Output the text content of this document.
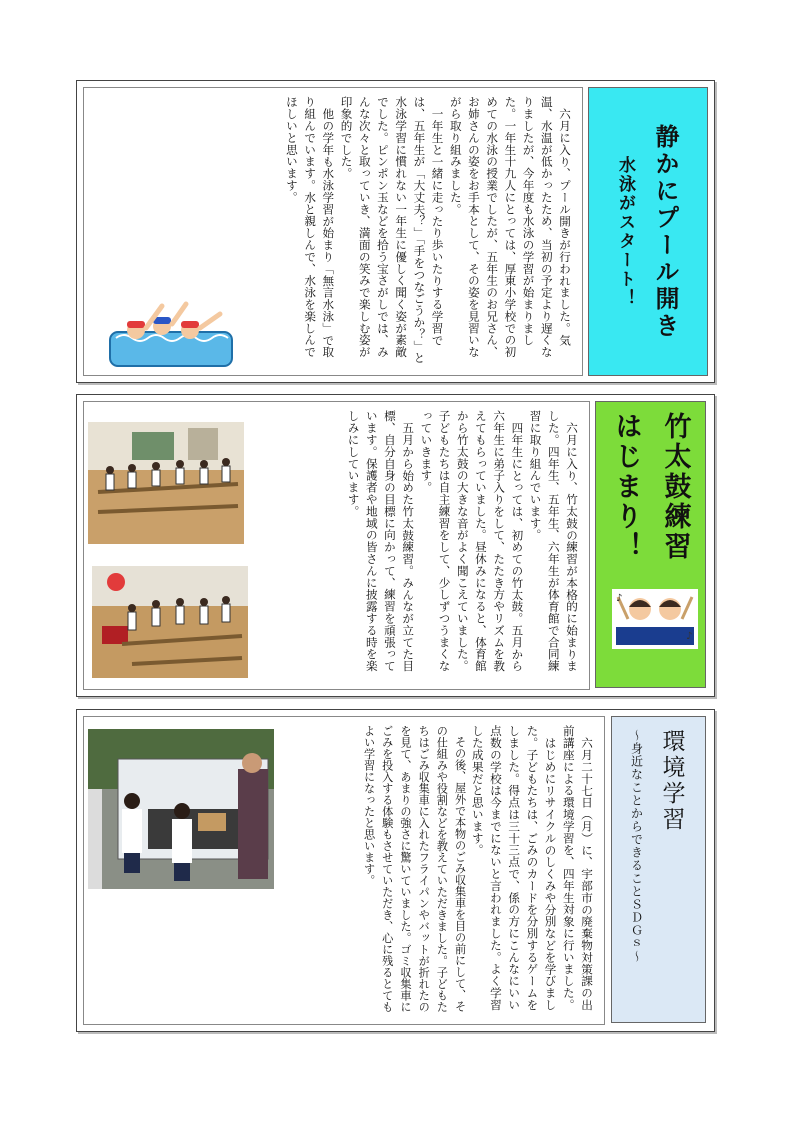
六月に入り、プール開きが行われました。気温、水温が低かったため、当初の予定より遅くなりましたが、今年度も水泳の学習が始まりました。一年生十九人にとっては、厚東小学校での初めての水泳の授業でしたが、五年生のお兄さん、お姉さんの姿をお手本として、その姿を見習いながら取り組みました。

一年生と一緒に走ったり歩いたりする学習では、五年生が「大丈夫？」「手をつなごうか？」と水泳学習に慣れない一年生に優しく聞く姿が素敵でした。ピンポン玉などを拾う宝さがしでは、みんな次々と取っていき、満面の笑みで楽しむ姿が印象的でした。

他の学年も水泳学習が始まり「無言水泳」で取り組んでいます。水と親しんで、水泳を楽しんでほしいと思います。	静かにプール開き
水泳がスタート！

六月に入り、竹太鼓の練習が本格的に始まりました。四年生、五年生、六年生が体育館で合同練習に取り組んでいます。

四年生にとっては、初めての竹太鼓。五月から六年生に弟子入りをして、たたき方やリズムを教えてもらっていました。昼休みになると、体育館から竹太鼓の大きな音がよく聞こえていました。子どもたちは自主練習をして、少しずつうまくなっていきます。

五月から始めた竹太鼓練習。みんなが立てた目標、自分自身の目標に向かって、練習を頑張っています。保護者や地域の皆さんに披露する時を楽しみにしています。	竹太鼓練習
はじまり！
♪
♪

六月二十七日（月）に、宇部市の廃棄物対策課の出前講座による環境学習を、四年生対象に行いました。

はじめにリサイクルのしくみや分別などを学びました。子どもたちは、ごみのカードを分別するゲームをしました。得点は三十三点で、係の方にこんなにいい点数の学校は今までにないと言われました。よく学習した成果だと思います。

その後、屋外で本物のごみ収集車を目の前にして、その仕組みや役割などを教えていただきました。子どもたちはごみ収集車に入れたフライパンやバットが折れたのを見て、あまりの強さに驚いていました。ゴミ収集車にごみを投入する体験もさせていただき、心に残るとてもよい学習になったと思います。	環境学習
～身近なことからできることＳＤＧｓ～
